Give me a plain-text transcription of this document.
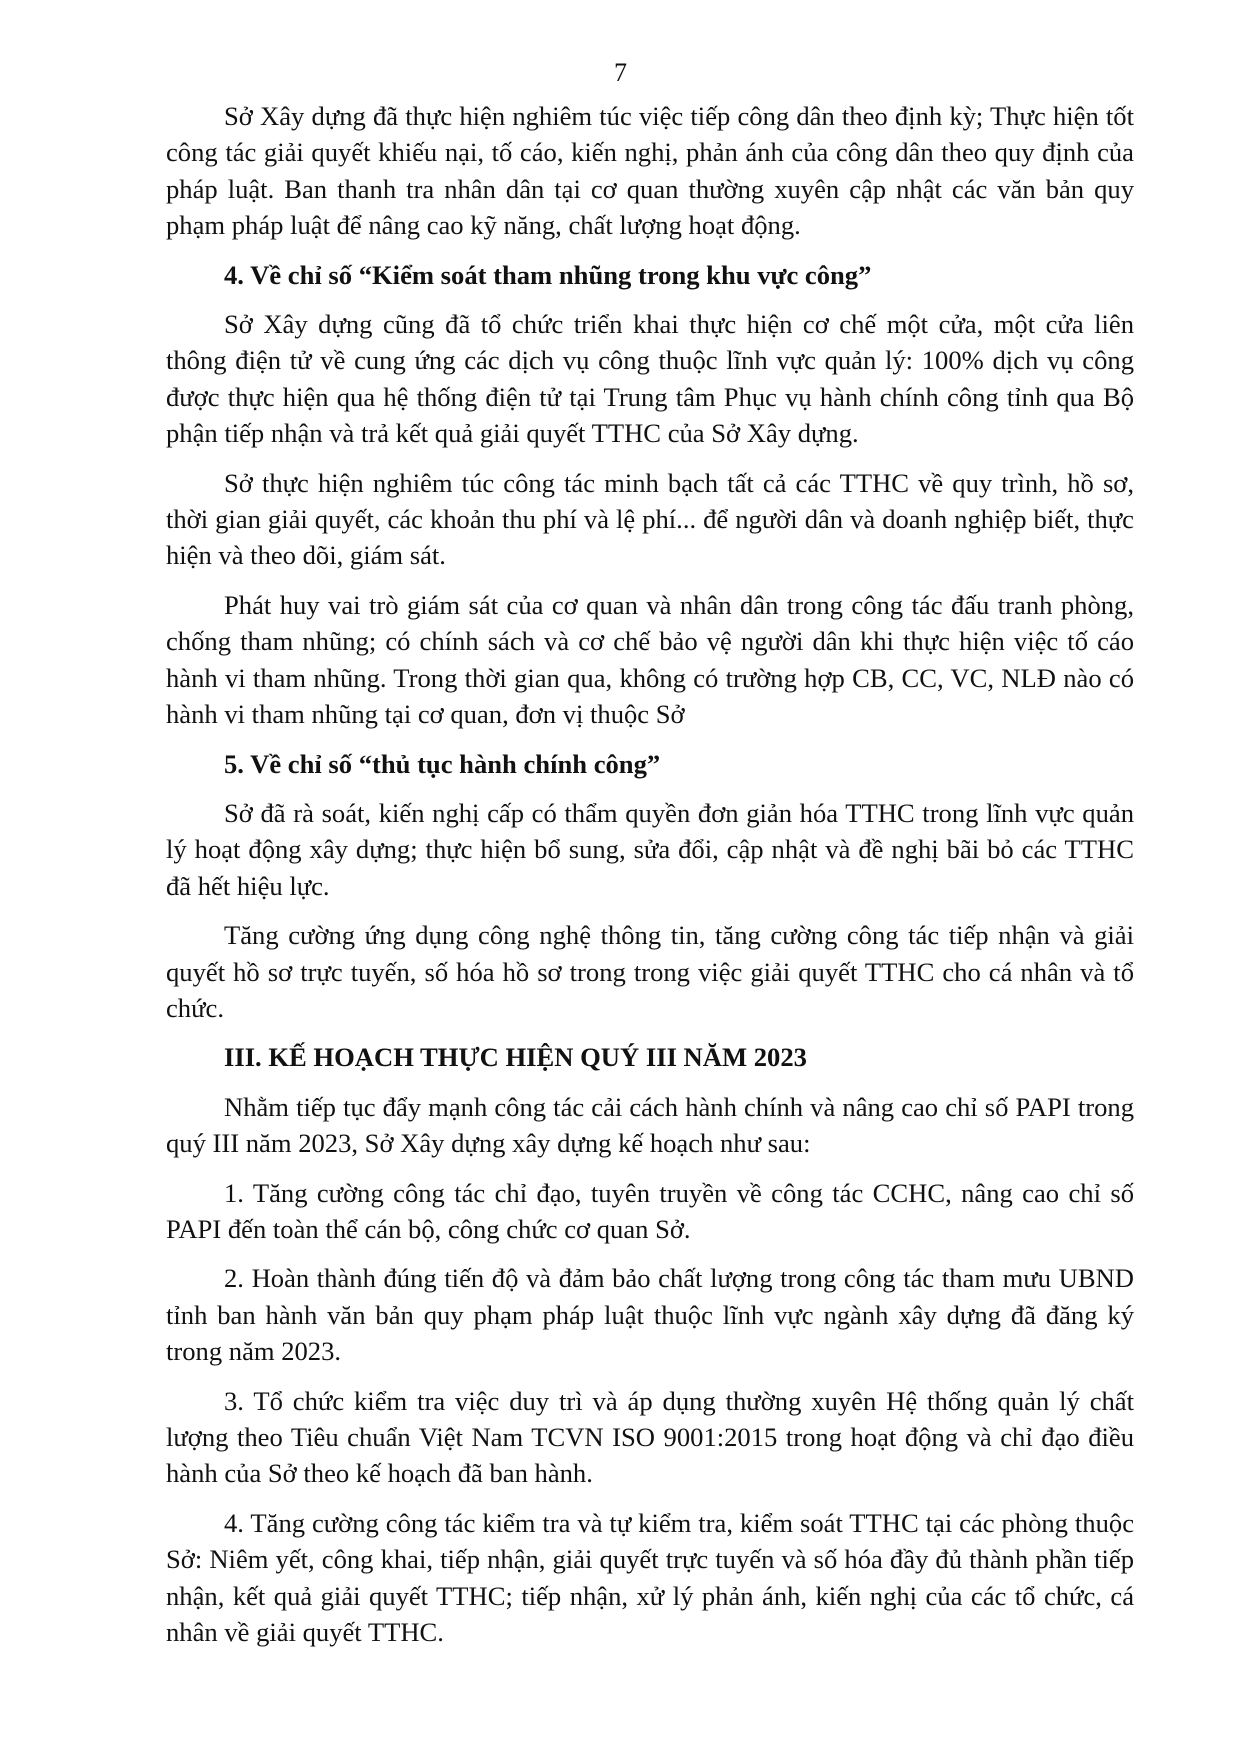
7

Sở Xây dựng đã thực hiện nghiêm túc việc tiếp công dân theo định kỳ; Thực hiện tốt công tác giải quyết khiếu nại, tố cáo, kiến nghị, phản ánh của công dân theo quy định của pháp luật. Ban thanh tra nhân dân tại cơ quan thường xuyên cập nhật các văn bản quy phạm pháp luật để nâng cao kỹ năng, chất lượng hoạt động.

4. Về chỉ số “Kiểm soát tham nhũng trong khu vực công”

Sở Xây dựng cũng đã tổ chức triển khai thực hiện cơ chế một cửa, một cửa liên thông điện tử về cung ứng các dịch vụ công thuộc lĩnh vực quản lý: 100% dịch vụ công được thực hiện qua hệ thống điện tử tại Trung tâm Phục vụ hành chính công tỉnh qua Bộ phận tiếp nhận và trả kết quả giải quyết TTHC của Sở Xây dựng.

Sở thực hiện nghiêm túc công tác minh bạch tất cả các TTHC về quy trình, hồ sơ, thời gian giải quyết, các khoản thu phí và lệ phí... để người dân và doanh nghiệp biết, thực hiện và theo dõi, giám sát.

Phát huy vai trò giám sát của cơ quan và nhân dân trong công tác đấu tranh phòng, chống tham nhũng; có chính sách và cơ chế bảo vệ người dân khi thực hiện việc tố cáo hành vi tham nhũng. Trong thời gian qua, không có trường hợp CB, CC, VC, NLĐ nào có hành vi tham nhũng tại cơ quan, đơn vị thuộc Sở

5. Về chỉ số “thủ tục hành chính công”

Sở đã rà soát, kiến nghị cấp có thẩm quyền đơn giản hóa TTHC trong lĩnh vực quản lý hoạt động xây dựng; thực hiện bổ sung, sửa đổi, cập nhật và đề nghị bãi bỏ các TTHC đã hết hiệu lực.

Tăng cường ứng dụng công nghệ thông tin, tăng cường công tác tiếp nhận và giải quyết hồ sơ trực tuyến, số hóa hồ sơ trong trong việc giải quyết TTHC cho cá nhân và tổ chức.

III. KẾ HOẠCH THỰC HIỆN QUÝ III NĂM 2023

Nhằm tiếp tục đẩy mạnh công tác cải cách hành chính và nâng cao chỉ số PAPI trong quý III năm 2023, Sở Xây dựng xây dựng kế hoạch như sau:

1. Tăng cường công tác chỉ đạo, tuyên truyền về công tác CCHC, nâng cao chỉ số PAPI đến toàn thể cán bộ, công chức cơ quan Sở.

2. Hoàn thành đúng tiến độ và đảm bảo chất lượng trong công tác tham mưu UBND tỉnh ban hành văn bản quy phạm pháp luật thuộc lĩnh vực ngành xây dựng đã đăng ký trong năm 2023.

3. Tổ chức kiểm tra việc duy trì và áp dụng thường xuyên Hệ thống quản lý chất lượng theo Tiêu chuẩn Việt Nam TCVN ISO 9001:2015 trong hoạt động và chỉ đạo điều hành của Sở theo kế hoạch đã ban hành.

4. Tăng cường công tác kiểm tra và tự kiểm tra, kiểm soát TTHC tại các phòng thuộc Sở: Niêm yết, công khai, tiếp nhận, giải quyết trực tuyến và số hóa đầy đủ thành phần tiếp nhận, kết quả giải quyết TTHC; tiếp nhận, xử lý phản ánh, kiến nghị của các tổ chức, cá nhân về giải quyết TTHC.
